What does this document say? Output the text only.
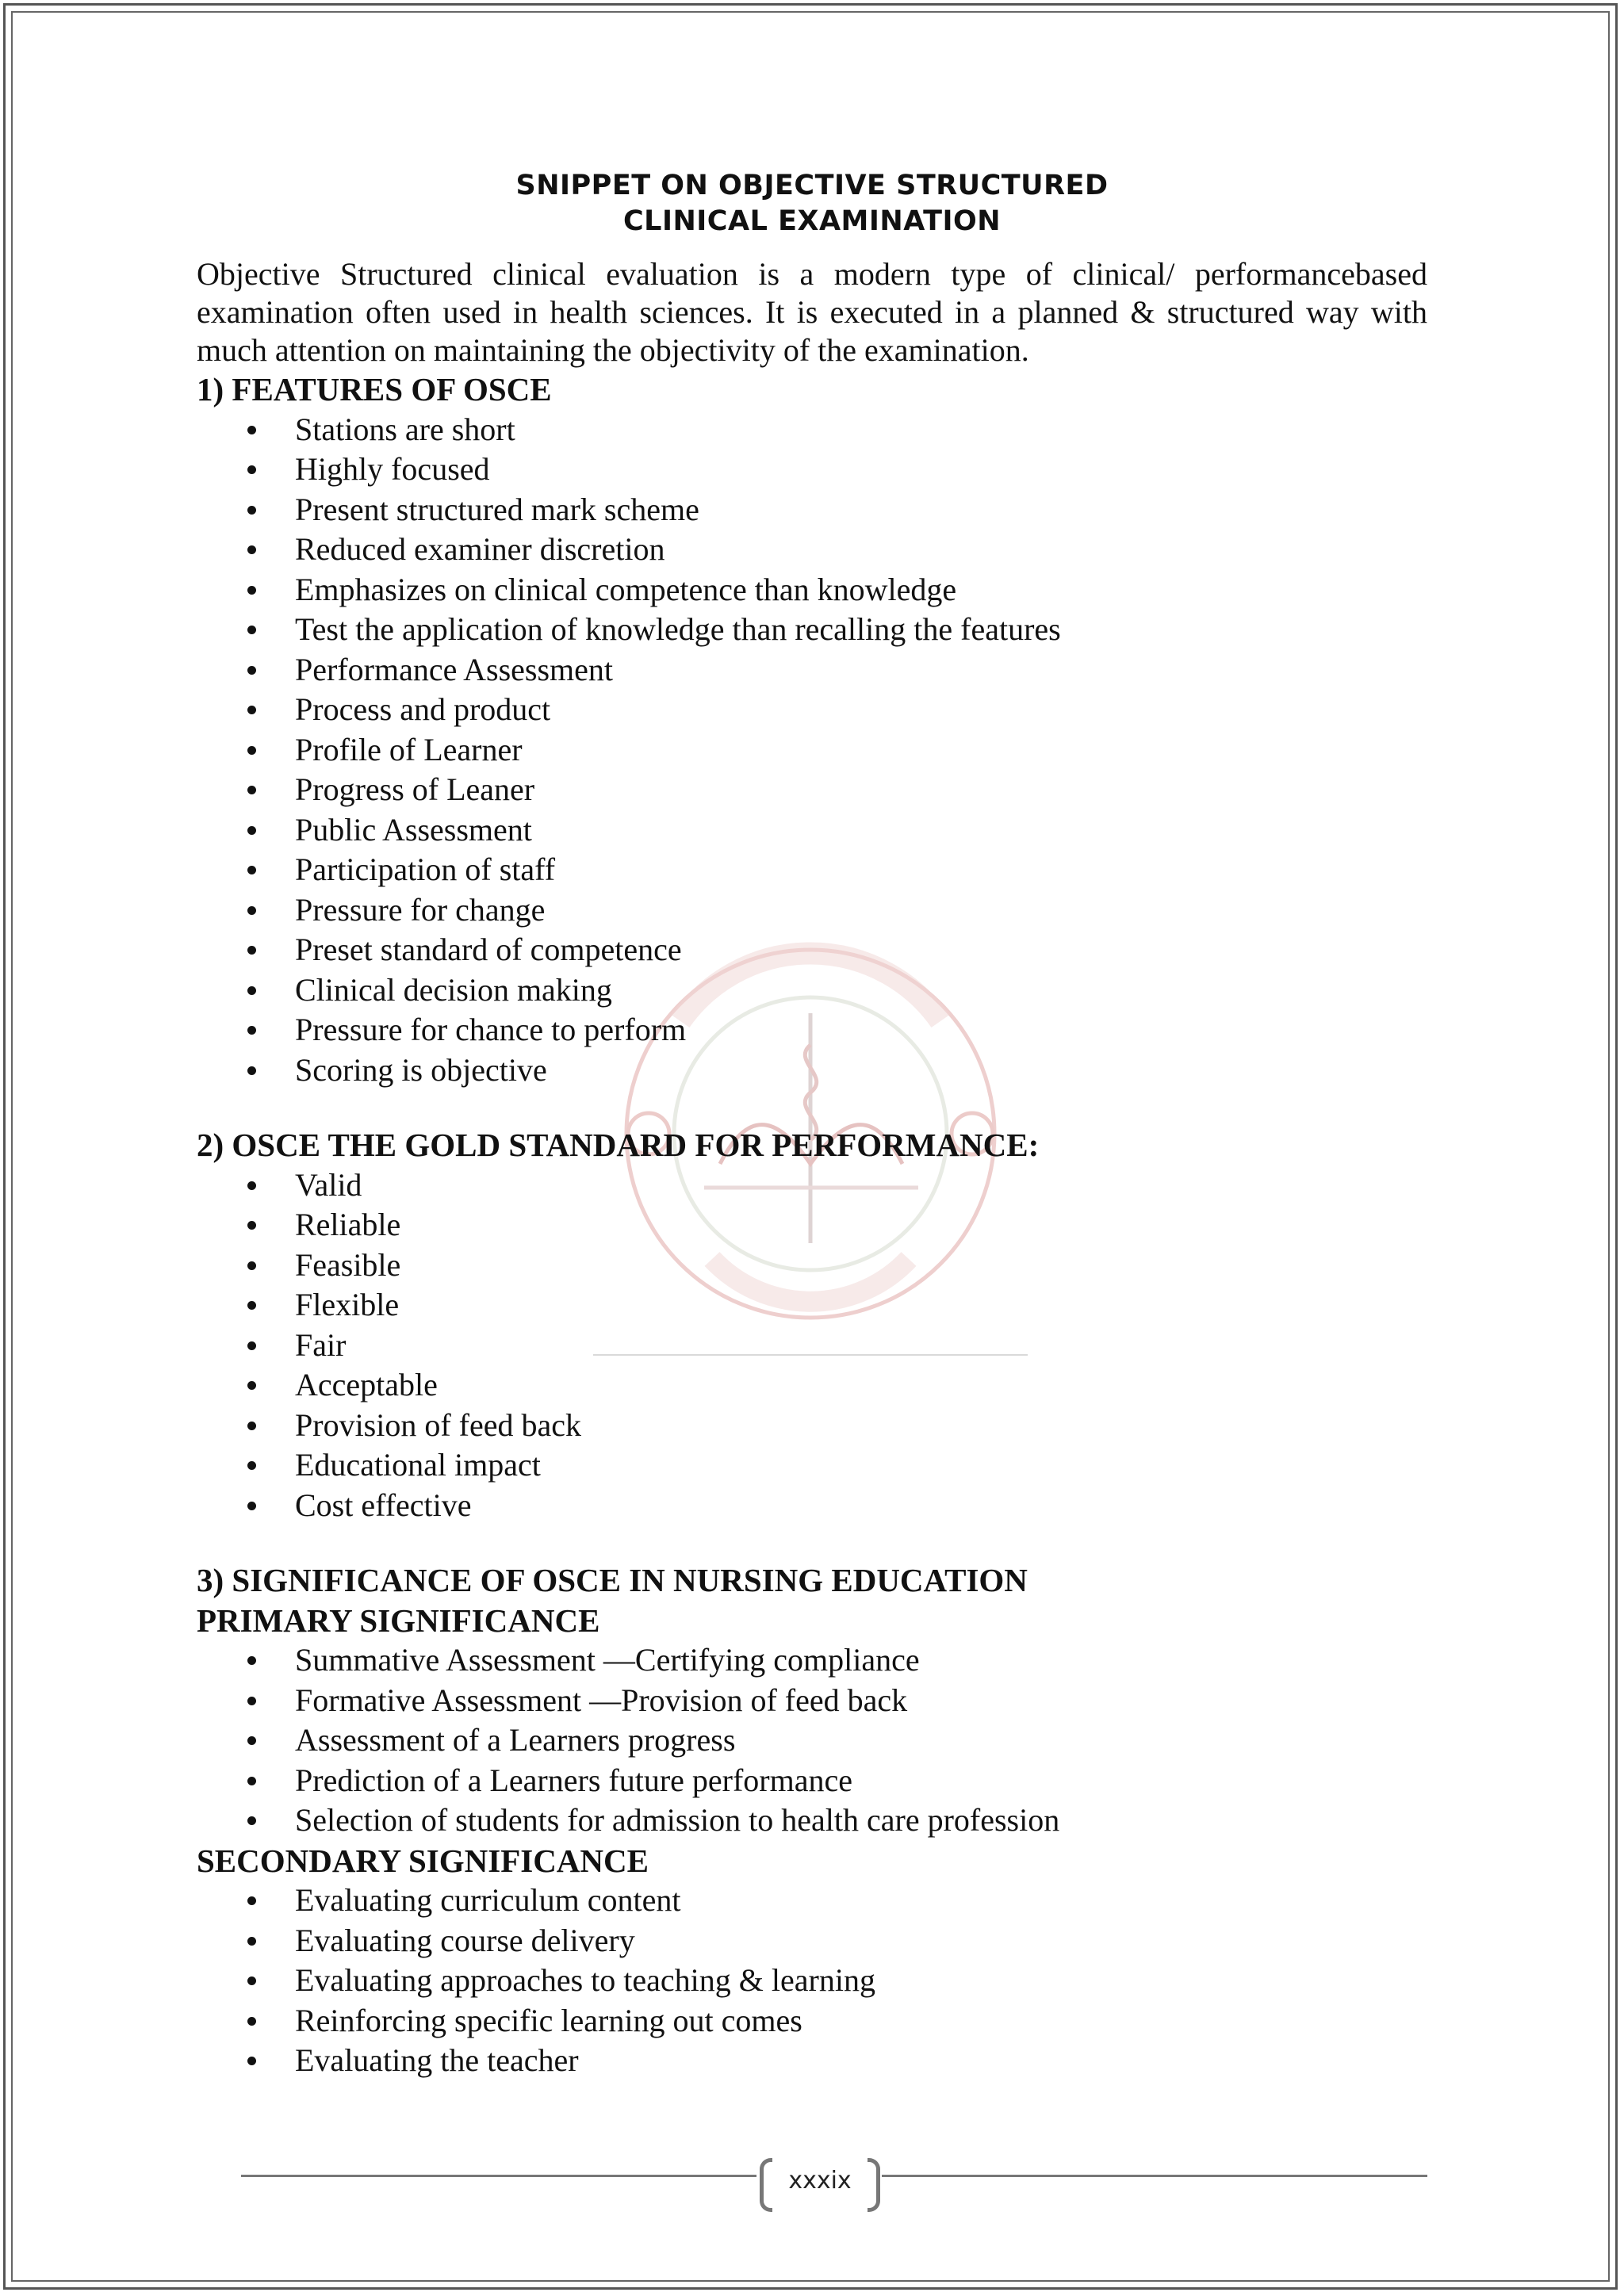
SNIPPET ON OBJECTIVE STRUCTURED
CLINICAL EXAMINATION

Objective Structured clinical evaluation is a modern type of clinical/ performancebased examination often used in health sciences. It is executed in a planned & structured way with much attention on maintaining the objectivity of the examination.

1) FEATURES OF OSCE
Stations are short
Highly focused
Present structured mark scheme
Reduced examiner discretion
Emphasizes on clinical competence than knowledge
Test the application of knowledge than recalling the features
Performance Assessment
Process and product
Profile of Learner
Progress of Leaner
Public Assessment
Participation of staff
Pressure for change
Preset standard of competence
Clinical decision making
Pressure for chance to perform
Scoring is objective
2) OSCE THE GOLD STANDARD FOR PERFORMANCE:
Valid
Reliable
Feasible
Flexible
Fair
Acceptable
Provision of feed back
Educational impact
Cost effective
3) SIGNIFICANCE OF OSCE IN NURSING EDUCATION
PRIMARY SIGNIFICANCE
Summative Assessment —Certifying compliance
Formative Assessment —Provision of feed back
Assessment of a Learners progress
Prediction of a Learners future performance
Selection of students for admission to health care profession
SECONDARY SIGNIFICANCE
Evaluating curriculum content
Evaluating course delivery
Evaluating approaches to teaching & learning
Reinforcing specific learning out comes
Evaluating the teacher
xxxix
